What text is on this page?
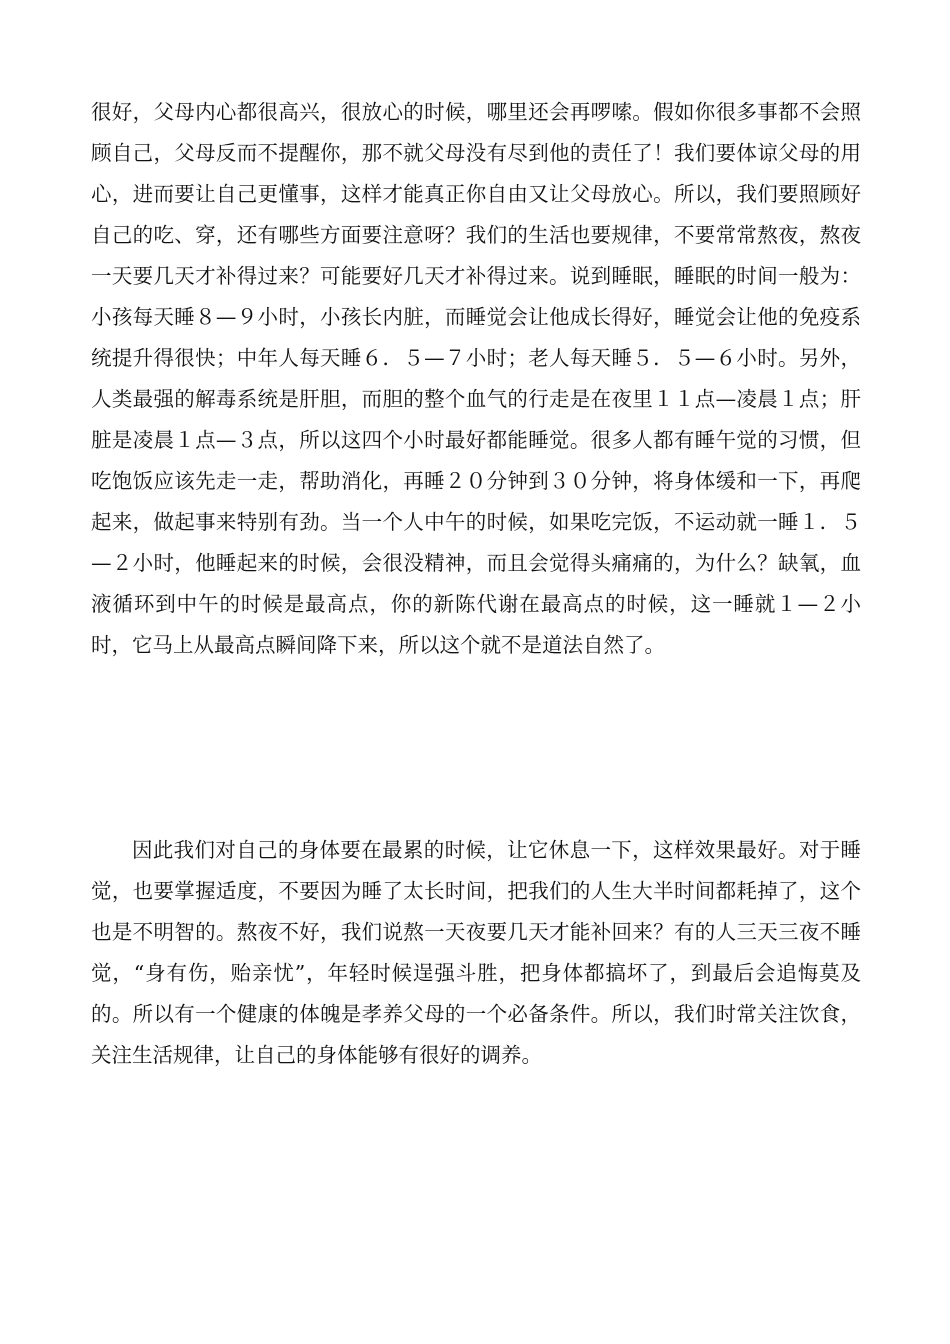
很好，父母内心都很高兴，很放心的时候，哪里还会再啰嗦。假如你很多事都不会照顾自己，父母反而不提醒你，那不就父母没有尽到他的责任了！我们要体谅父母的用心，进而要让自己更懂事，这样才能真正你自由又让父母放心。所以，我们要照顾好自己的吃、穿，还有哪些方面要注意呀？我们的生活也要规律，不要常常熬夜，熬夜一天要几天才补得过来？可能要好几天才补得过来。说到睡眠，睡眠的时间一般为：小孩每天睡８—９小时，小孩长内脏，而睡觉会让他成长得好，睡觉会让他的免疫系统提升得很快；中年人每天睡６．５—７小时；老人每天睡５．５—６小时。另外，人类最强的解毒系统是肝胆，而胆的整个血气的行走是在夜里１１点—凌晨１点；肝脏是凌晨１点—３点，所以这四个小时最好都能睡觉。很多人都有睡午觉的习惯，但吃饱饭应该先走一走，帮助消化，再睡２０分钟到３０分钟，将身体缓和一下，再爬起来，做起事来特别有劲。当一个人中午的时候，如果吃完饭，不运动就一睡１．５—２小时，他睡起来的时候，会很没精神，而且会觉得头痛痛的，为什么？缺氧，血液循环到中午的时候是最高点，你的新陈代谢在最高点的时候，这一睡就１—２小时，它马上从最高点瞬间降下来，所以这个就不是道法自然了。

因此我们对自己的身体要在最累的时候，让它休息一下，这样效果最好。对于睡觉，也要掌握适度，不要因为睡了太长时间，把我们的人生大半时间都耗掉了，这个也是不明智的。熬夜不好，我们说熬一天夜要几天才能补回来？有的人三天三夜不睡觉，“身有伤，贻亲忧”，年轻时候逞强斗胜，把身体都搞坏了，到最后会追悔莫及的。所以有一个健康的体魄是孝养父母的一个必备条件。所以，我们时常关注饮食，关注生活规律，让自己的身体能够有很好的调养。
